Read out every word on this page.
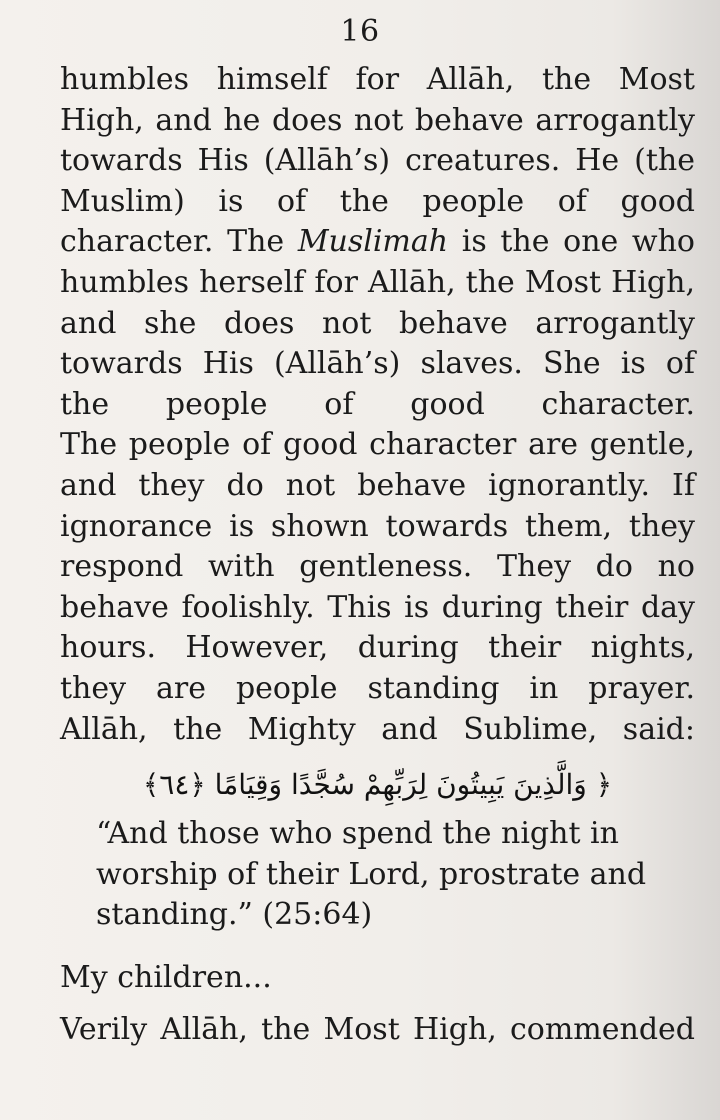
16
humbles himself for Allāh, the Most
High, and he does not behave arrogantly
towards His (Allāh’s) creatures. He (the
Muslim) is of the people of good
character. The Muslimah is the one who
humbles herself for Allāh, the Most High,
and she does not behave arrogantly
towards His (Allāh’s) slaves. She is of
the people of good character.
The people of good character are gentle,
and they do not behave ignorantly. If
ignorance is shown towards them, they
respond with gentleness. They do no
behave foolishly. This is during their day
hours. However, during their nights,
they are people standing in prayer.
Allāh, the Mighty and Sublime, said:
﴿ وَالَّذِينَ يَبِيتُونَ لِرَبِّهِمْ سُجَّدًا وَقِيَامًا ﴿٦٤﴾
“And those who spend the night in
worship of their Lord, prostrate and
standing.” (25:64)
My children...
Verily Allāh, the Most High, commended
